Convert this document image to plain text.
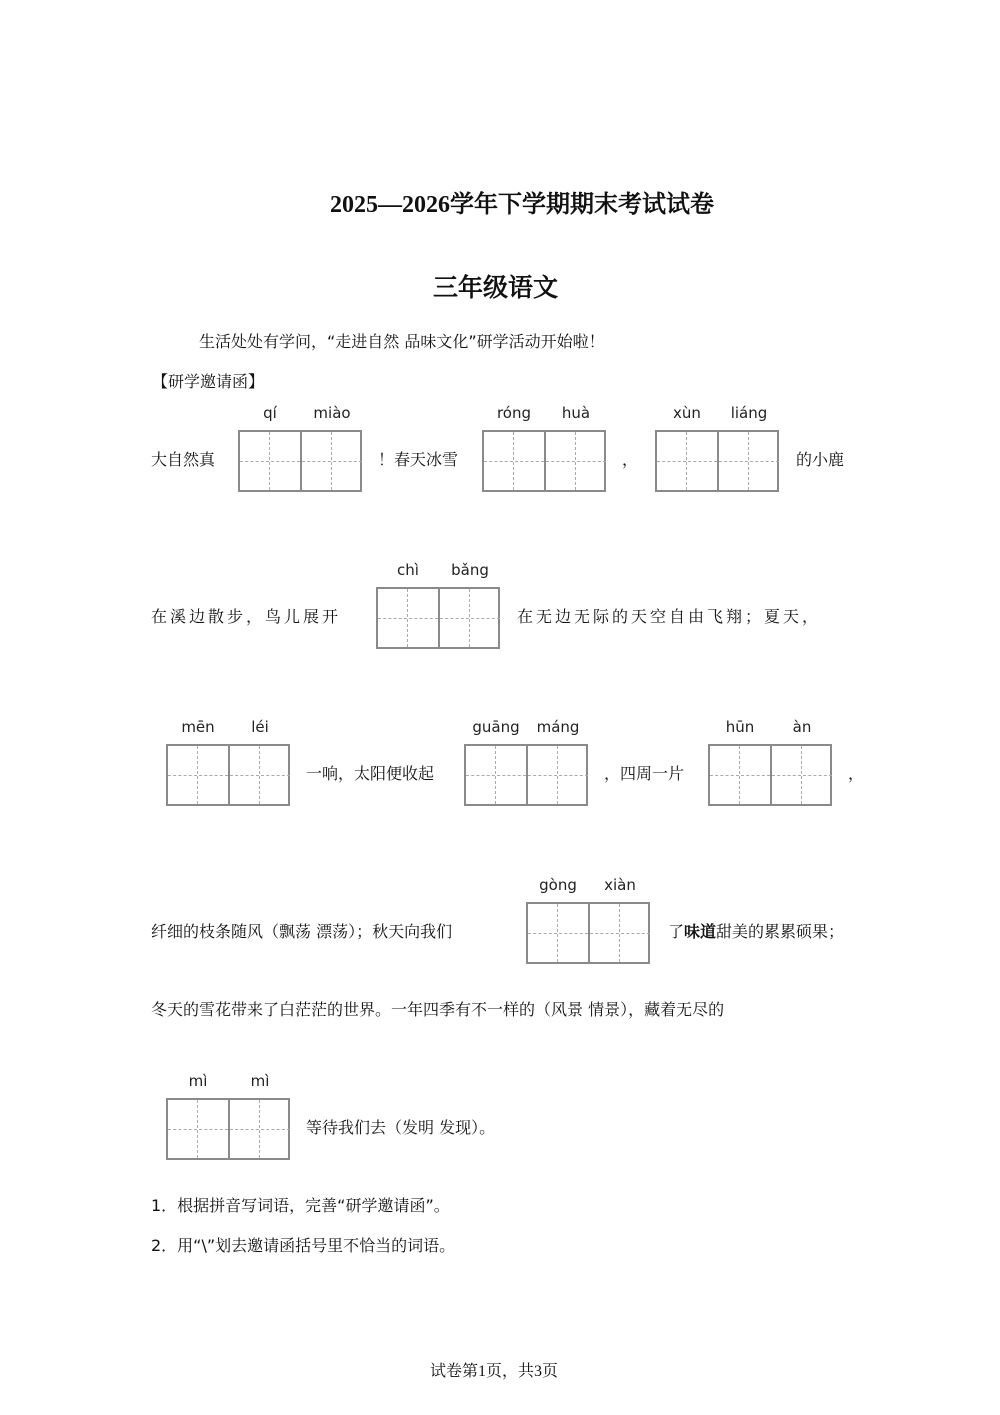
2025—2026学年下学期期末考试试卷
三年级语文
生活处处有学问，“走进自然 品味文化”研学活动开始啦！
【研学邀请函】
大自然真
qí	miào
！春天冰雪
róng	huà
，
xùn	liáng
的小鹿
在溪边散步，鸟儿展开
chì	bǎng
在无边无际的天空自由飞翔；夏天，
mēn	léi
一响，太阳便收起
guāng	máng
，四周一片
hūn	àn
，
纤细的枝条随风（飘荡 漂荡）；秋天向我们
gòng	xiàn
了味道甜美的累累硕果；
冬天的雪花带来了白茫茫的世界。一年四季有不一样的（风景 情景），藏着无尽的
mì	mì
等待我们去（发明 发现）。
1．根据拼音写词语，完善“研学邀请函”。
2．用“\”划去邀请函括号里不恰当的词语。
试卷第1页，共3页
